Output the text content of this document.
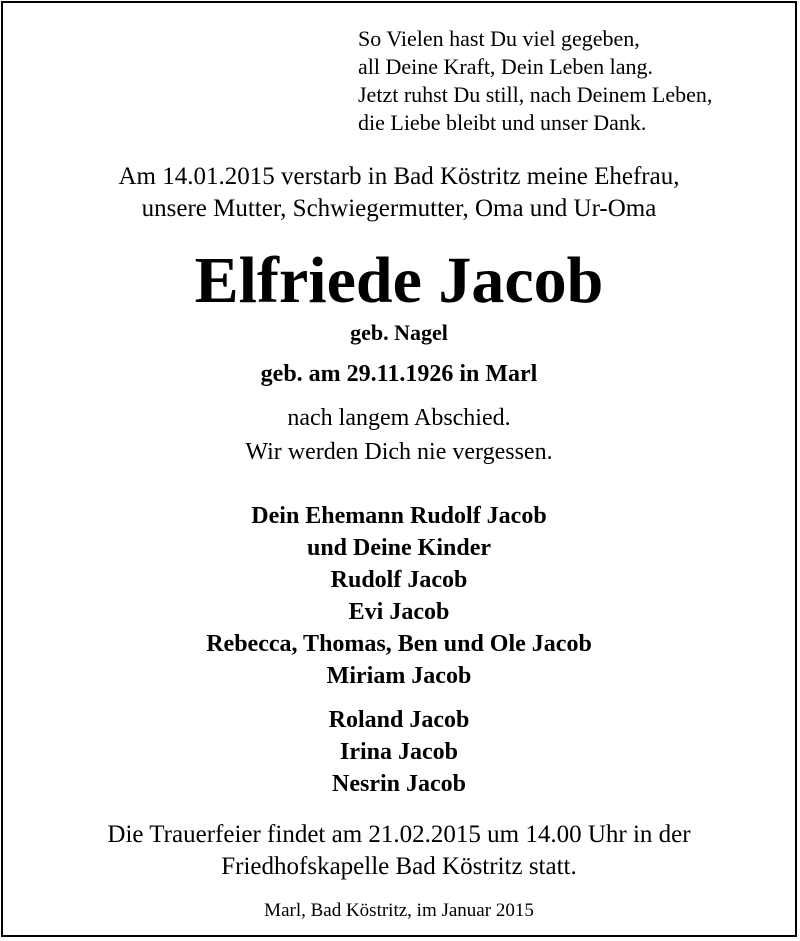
So Vielen hast Du viel gegeben,
all Deine Kraft, Dein Leben lang.
Jetzt ruhst Du still, nach Deinem Leben,
die Liebe bleibt und unser Dank.
Am 14.01.2015 verstarb in Bad Köstritz meine Ehefrau,
unsere Mutter, Schwiegermutter, Oma und Ur-Oma
Elfriede Jacob
geb. Nagel
geb. am 29.11.1926 in Marl
nach langem Abschied.
Wir werden Dich nie vergessen.
Dein Ehemann Rudolf Jacob
und Deine Kinder
Rudolf Jacob
Evi Jacob
Rebecca, Thomas, Ben und Ole Jacob
Miriam Jacob
Roland Jacob
Irina Jacob
Nesrin Jacob
Die Trauerfeier findet am 21.02.2015 um 14.00 Uhr in der
Friedhofskapelle Bad Köstritz statt.
Marl, Bad Köstritz, im Januar 2015
